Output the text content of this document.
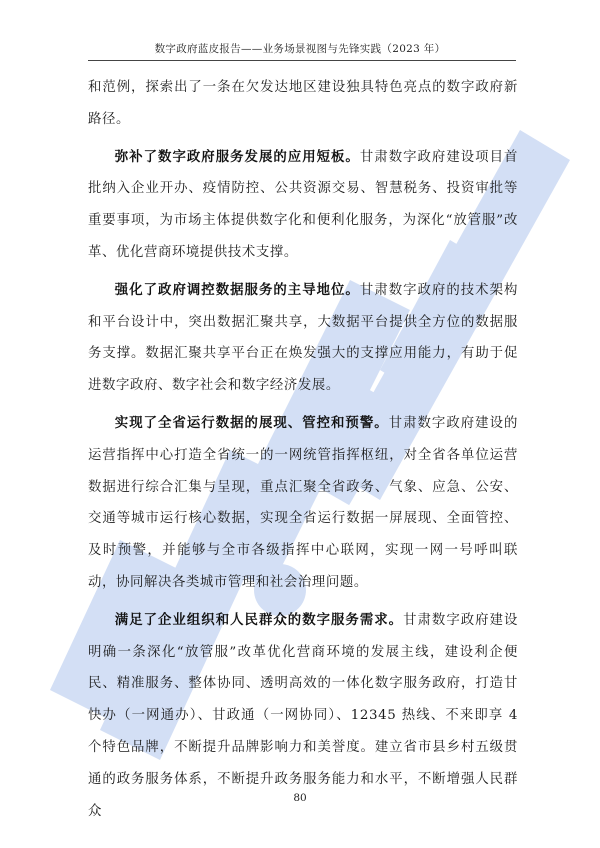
数字政府蓝皮报告——业务场景视图与先锋实践（2023 年）

和范例，探索出了一条在欠发达地区建设独具特色亮点的数字政府新路径。

弥补了数字政府服务发展的应用短板。甘肃数字政府建设项目首批纳入企业开办、疫情防控、公共资源交易、智慧税务、投资审批等重要事项，为市场主体提供数字化和便利化服务，为深化“放管服”改革、优化营商环境提供技术支撑。

强化了政府调控数据服务的主导地位。甘肃数字政府的技术架构和平台设计中，突出数据汇聚共享，大数据平台提供全方位的数据服务支撑。数据汇聚共享平台正在焕发强大的支撑应用能力，有助于促进数字政府、数字社会和数字经济发展。

实现了全省运行数据的展现、管控和预警。甘肃数字政府建设的运营指挥中心打造全省统一的一网统管指挥枢纽，对全省各单位运营数据进行综合汇集与呈现，重点汇聚全省政务、气象、应急、公安、交通等城市运行核心数据，实现全省运行数据一屏展现、全面管控、及时预警，并能够与全市各级指挥中心联网，实现一网一号呼叫联动，协同解决各类城市管理和社会治理问题。

满足了企业组织和人民群众的数字服务需求。甘肃数字政府建设明确一条深化“放管服”改革优化营商环境的发展主线，建设利企便民、精准服务、整体协同、透明高效的一体化数字服务政府，打造甘快办（一网通办）、甘政通（一网协同）、12345 热线、不来即享 4 个特色品牌，不断提升品牌影响力和美誉度。建立省市县乡村五级贯通的政务服务体系，不断提升政务服务能力和水平，不断增强人民群众

80
